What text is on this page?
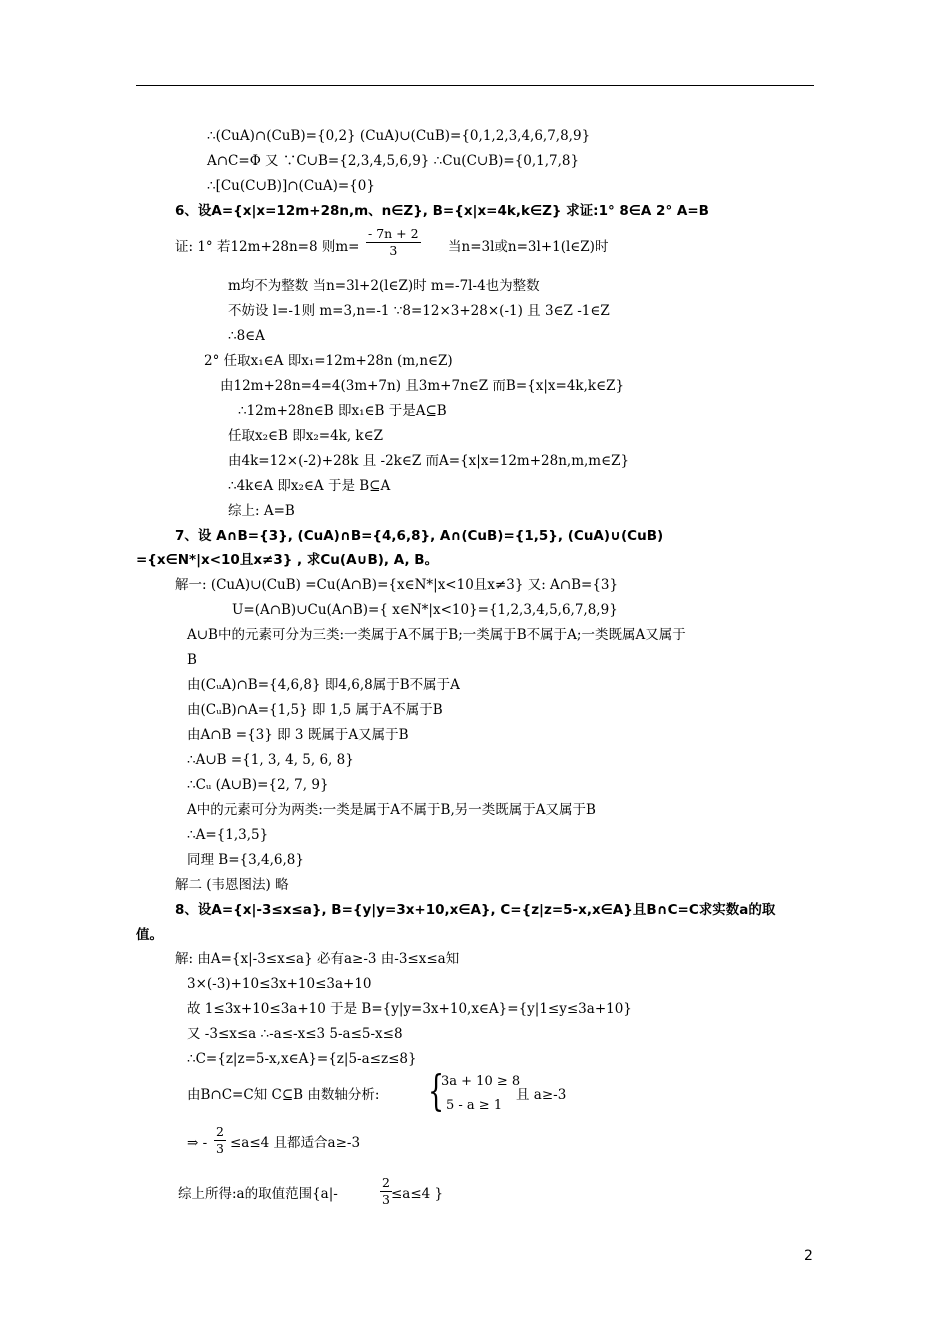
∴(CuA)∩(CuB)={0,2} (CuA)∪(CuB)={0,1,2,3,4,6,7,8,9}
A∩C=Φ 又 ∵C∪B={2,3,4,5,6,9} ∴Cu(C∪B)={0,1,7,8}
∴[Cu(C∪B)]∩(CuA)={0}
6、设A={x|x=12m+28n,m、n∈Z}, B={x|x=4k,k∈Z} 求证:1° 8∈A 2° A=B
证: 1° 若12m+28n=8 则m=	当n=3l或n=3l+1(l∈Z)时
m均不为整数 当n=3l+2(l∈Z)时 m=-7l-4也为整数
不妨设 l=-1则 m=3,n=-1 ∵8=12×3+28×(-1) 且 3∈Z -1∈Z
∴8∈A
2° 任取x₁∈A 即x₁=12m+28n (m,n∈Z)
由12m+28n=4=4(3m+7n) 且3m+7n∈Z 而B={x|x=4k,k∈Z}
∴12m+28n∈B 即x₁∈B 于是A⊆B
任取x₂∈B 即x₂=4k, k∈Z
由4k=12×(-2)+28k 且 -2k∈Z 而A={x|x=12m+28n,m,m∈Z}
∴4k∈A 即x₂∈A 于是 B⊆A
综上: A=B
7、设 A∩B={3}, (CuA)∩B={4,6,8}, A∩(CuB)={1,5}, (CuA)∪(CuB)
={x∈N*|x<10且x≠3} , 求Cu(A∪B), A, B。
解一: (CuA)∪(CuB) =Cu(A∩B)={x∈N*|x<10且x≠3} 又: A∩B={3}
U=(A∩B)∪Cu(A∩B)={ x∈N*|x<10}={1,2,3,4,5,6,7,8,9}
A∪B中的元素可分为三类:一类属于A不属于B;一类属于B不属于A;一类既属A又属于
B
由(CᵤA)∩B={4,6,8} 即4,6,8属于B不属于A
由(CᵤB)∩A={1,5} 即 1,5 属于A不属于B
由A∩B ={3} 即 3 既属于A又属于B
∴A∪B ={1, 3, 4, 5, 6, 8}
∴Cᵤ (A∪B)={2, 7, 9}
A中的元素可分为两类:一类是属于A不属于B,另一类既属于A又属于B
∴A={1,3,5}
同理 B={3,4,6,8}
解二 (韦恩图法) 略
8、设A={x|-3≤x≤a}, B={y|y=3x+10,x∈A}, C={z|z=5-x,x∈A}且B∩C=C求实数a的取
值。
解: 由A={x|-3≤x≤a} 必有a≥-3 由-3≤x≤a知
3×(-3)+10≤3x+10≤3a+10
故 1≤3x+10≤3a+10 于是 B={y|y=3x+10,x∈A}={y|1≤y≤3a+10}
又 -3≤x≤a ∴-a≤-x≤3 5-a≤5-x≤8
∴C={z|z=5-x,x∈A}={z|5-a≤z≤8}
由B∩C=C知 C⊆B 由数轴分析:	且 a≥-3
⇒ - ≤a≤4 且都适合a≥-3
综上所得:a的取值范围{a|-	≤a≤4 }
$\frac{- 7n + 2}{3}$
$\frac{2}{3}$
$\frac{2}{3}$
{
3a + 10 ≥ 8
5 - a ≥ 1
2
